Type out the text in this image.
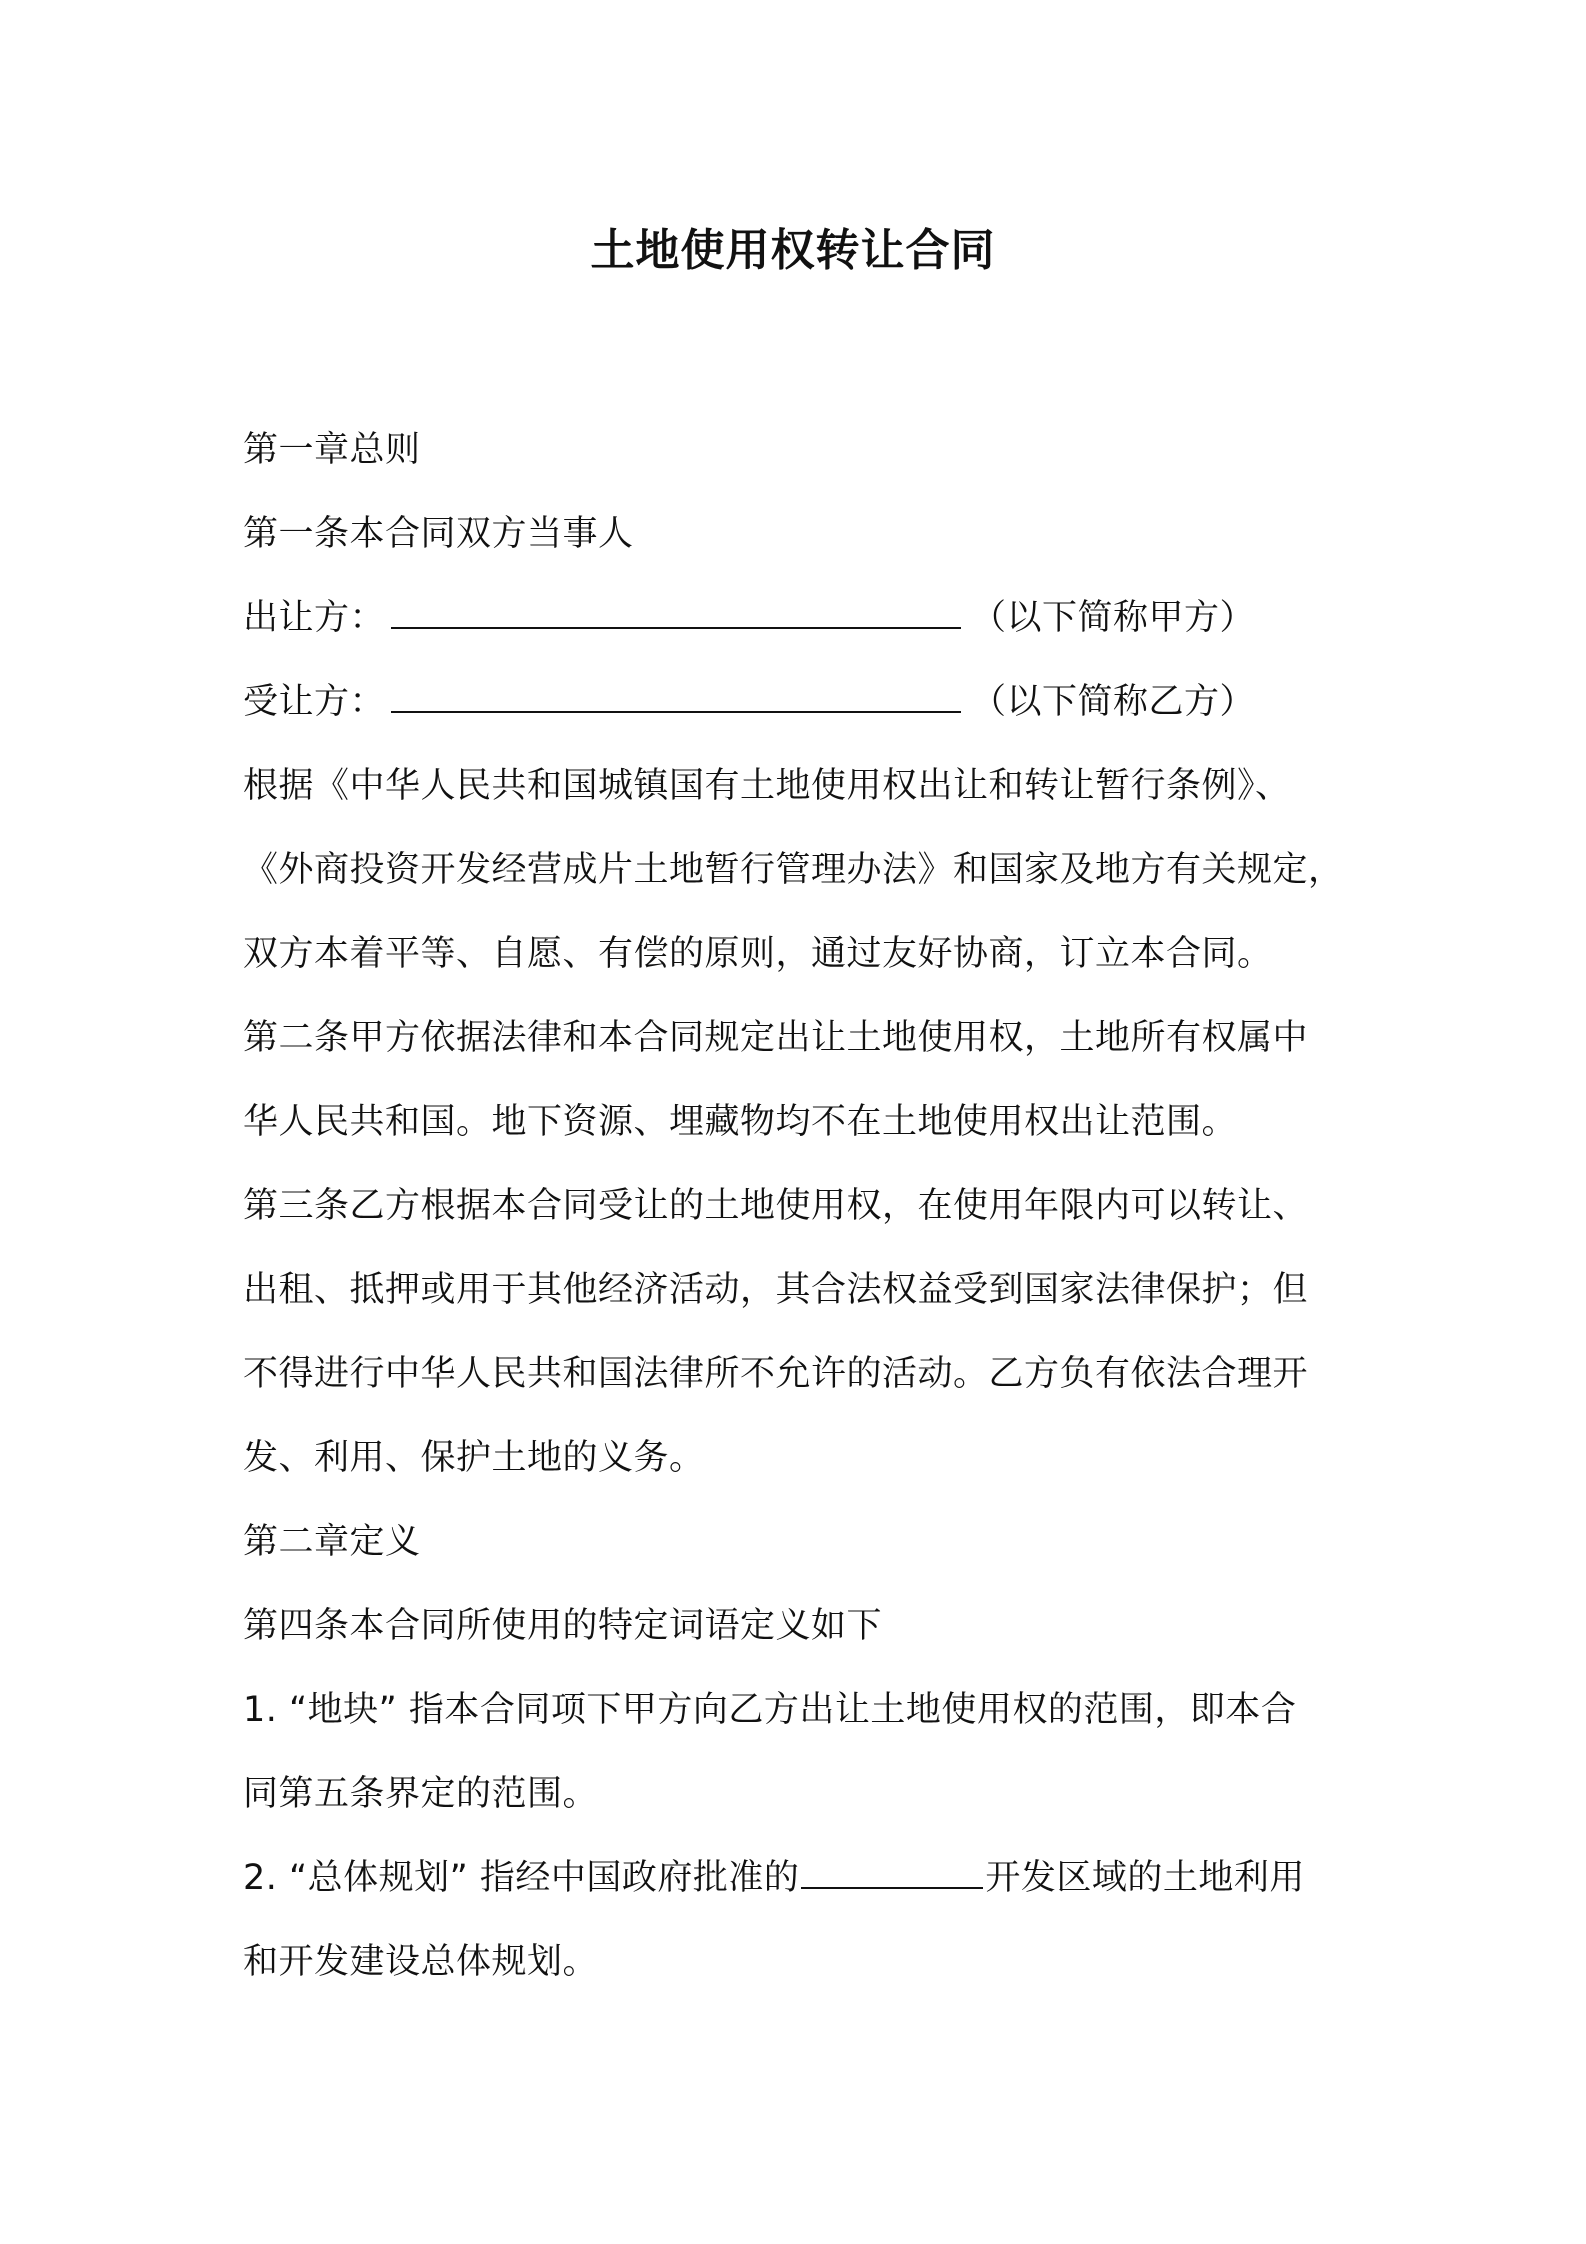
土地使用权转让合同
第一章总则
第一条本合同双方当事人
出让方：	（以下简称甲方）
受让方：	（以下简称乙方）
根据《中华人民共和国城镇国有土地使用权出让和转让暂行条例》、
《外商投资开发经营成片土地暂行管理办法》和国家及地方有关规定，
双方本着平等、自愿、有偿的原则，通过友好协商，订立本合同。
第二条甲方依据法律和本合同规定出让土地使用权，土地所有权属中
华人民共和国。地下资源、埋藏物均不在土地使用权出让范围。
第三条乙方根据本合同受让的土地使用权，在使用年限内可以转让、
出租、抵押或用于其他经济活动，其合法权益受到国家法律保护；但
不得进行中华人民共和国法律所不允许的活动。乙方负有依法合理开
发、利用、保护土地的义务。
第二章定义
第四条本合同所使用的特定词语定义如下
1. “地块” 指本合同项下甲方向乙方出让土地使用权的范围，即本合
同第五条界定的范围。
2. “总体规划” 指经中国政府批准的	开发区域的土地利用
和开发建设总体规划。
